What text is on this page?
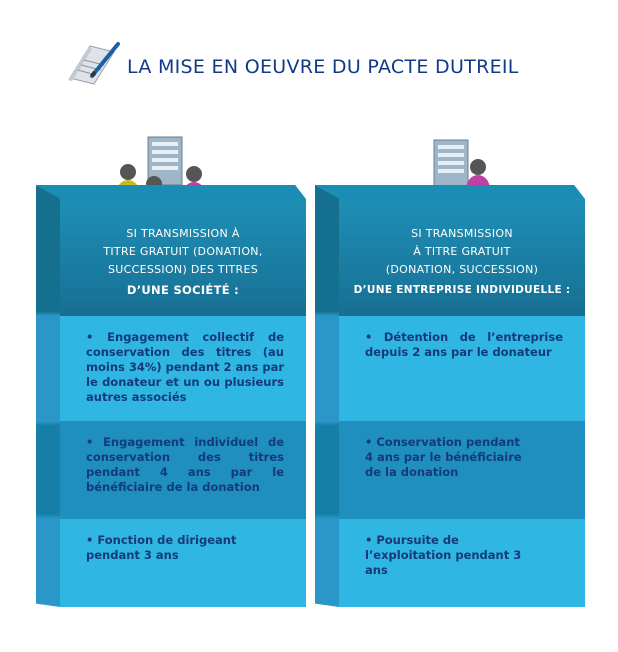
LA MISE EN OEUVRE DU PACTE DUTREIL
SI TRANSMISSION À
TITRE GRATUIT (DONATION,
SUCCESSION) DES TITRES
D’UNE SOCIÉTÉ :
• Engagement collectif de conservation des titres (au moins 34%) pendant 2 ans par le donateur et un ou plusieurs autres associés
• Engagement individuel de conservation des titres pendant 4 ans par le bénéficiaire de la donation
• Fonction de dirigeant pendant 3 ans
SI TRANSMISSION
À TITRE GRATUIT
(DONATION, SUCCESSION)
D’UNE ENTREPRISE INDIVIDUELLE :
• Détention de l’entreprise depuis 2 ans par le donateur
• Conservation pendant 4 ans par le bénéficiaire de la donation
• Poursuite de l’exploitation pendant 3 ans
